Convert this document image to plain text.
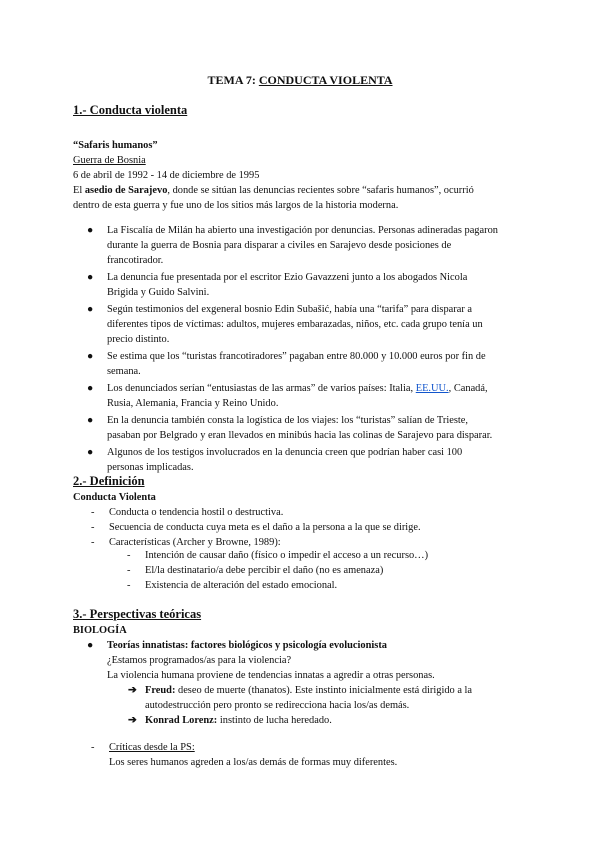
TEMA 7: CONDUCTA VIOLENTA
1.- Conducta violenta
“Safaris humanos”
Guerra de Bosnia
6 de abril de 1992 - 14 de diciembre de 1995
El asedio de Sarajevo, donde se sitúan las denuncias recientes sobre “safaris humanos”, ocurrió
dentro de esta guerra y fue uno de los sitios más largos de la historia moderna.
● La Fiscalía de Milán ha abierto una investigación por denuncias. Personas adineradas pagaron
durante la guerra de Bosnia para disparar a civiles en Sarajevo desde posiciones de
francotirador.
● La denuncia fue presentada por el escritor Ezio Gavazzeni junto a los abogados Nicola
Brigida y Guido Salvini.
● Según testimonios del exgeneral bosnio Edin Subašić, había una “tarifa” para disparar a
diferentes tipos de víctimas: adultos, mujeres embarazadas, niños, etc. cada grupo tenía un
precio distinto.
● Se estima que los “turistas francotiradores” pagaban entre 80.000 y 10.000 euros por fin de
semana.
● Los denunciados serían “entusiastas de las armas” de varios países: Italia, EE.UU., Canadá,
Rusia, Alemania, Francia y Reino Unido.
● En la denuncia también consta la logística de los viajes: los “turistas” salían de Trieste,
pasaban por Belgrado y eran llevados en minibús hacia las colinas de Sarajevo para disparar.
● Algunos de los testigos involucrados en la denuncia creen que podrían haber casi 100
personas implicadas.
2.- Definición
Conducta Violenta
- Conducta o tendencia hostil o destructiva.
- Secuencia de conducta cuya meta es el daño a la persona a la que se dirige.
- Características (Archer y Browne, 1989):
- Intención de causar daño (físico o impedir el acceso a un recurso…)
- El/la destinatario/a debe percibir el daño (no es amenaza)
- Existencia de alteración del estado emocional.
3.- Perspectivas teóricas
BIOLOGÍA
● Teorías innatistas: factores biológicos y psicología evolucionista
¿Estamos programados/as para la violencia?
La violencia humana proviene de tendencias innatas a agredir a otras personas.
➔ Freud: deseo de muerte (thanatos). Este instinto inicialmente está dirigido a la
autodestrucción pero pronto se redirecciona hacia los/as demás.
➔ Konrad Lorenz: instinto de lucha heredado.
- Críticas desde la PS:
Los seres humanos agreden a los/as demás de formas muy diferentes.
